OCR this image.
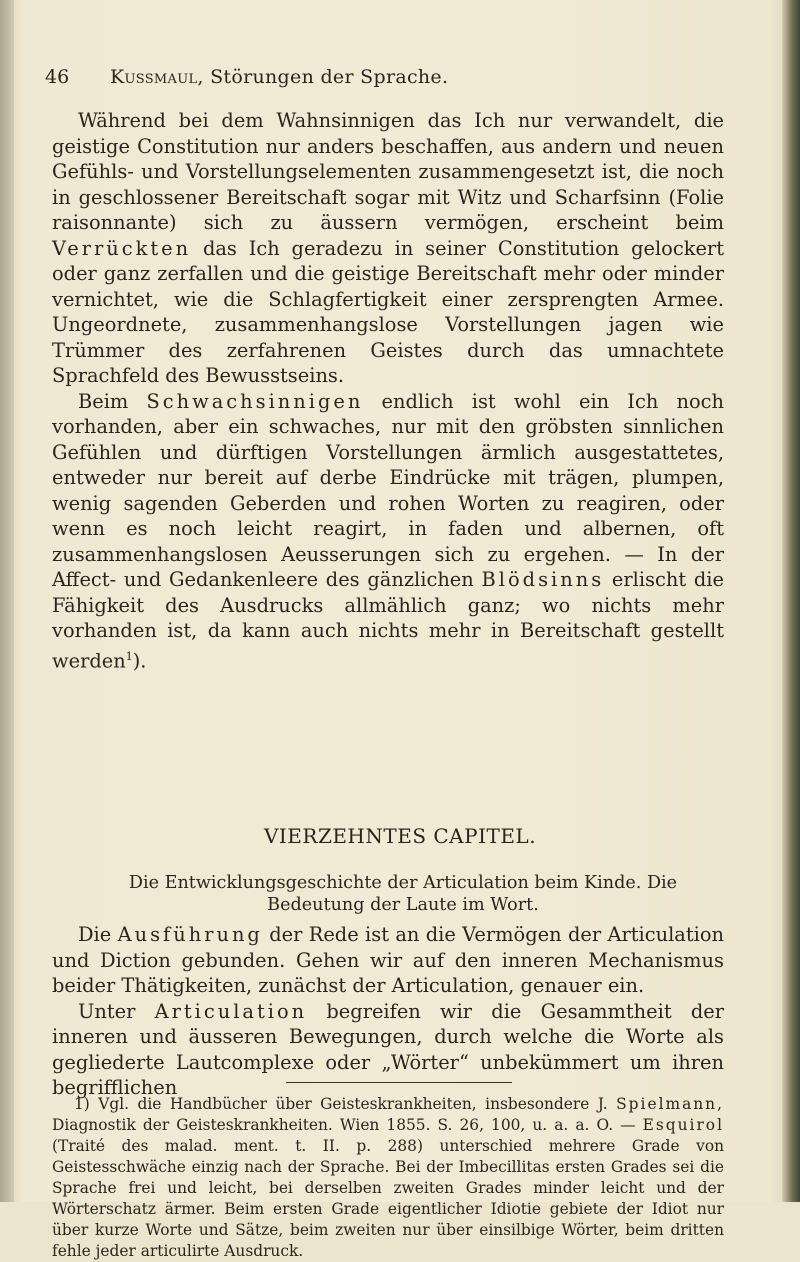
46 Kussmaul, Störungen der Sprache.

Während bei dem Wahnsinnigen das Ich nur verwandelt, die geistige Constitution nur anders beschaffen, aus andern und neuen Gefühls- und Vorstellungselementen zusammengesetzt ist, die noch in geschlossener Bereitschaft sogar mit Witz und Scharfsinn (Folie raisonnante) sich zu äussern vermögen, erscheint beim Verrückten das Ich geradezu in seiner Constitution gelockert oder ganz zerfallen und die geistige Bereitschaft mehr oder minder vernichtet, wie die Schlagfertigkeit einer zersprengten Armee. Ungeordnete, zusammenhangslose Vorstellungen jagen wie Trümmer des zerfahrenen Geistes durch das umnachtete Sprachfeld des Bewusstseins.

Beim Schwachsinnigen endlich ist wohl ein Ich noch vorhanden, aber ein schwaches, nur mit den gröbsten sinnlichen Gefühlen und dürftigen Vorstellungen ärmlich ausgestattetes, entweder nur bereit auf derbe Eindrücke mit trägen, plumpen, wenig sagenden Geberden und rohen Worten zu reagiren, oder wenn es noch leicht reagirt, in faden und albernen, oft zusammenhangslosen Aeusserungen sich zu ergehen. — In der Affect- und Gedankenleere des gänzlichen Blödsinns erlischt die Fähigkeit des Ausdrucks allmählich ganz; wo nichts mehr vorhanden ist, da kann auch nichts mehr in Bereitschaft gestellt werden$^1$).

VIERZEHNTES CAPITEL.
Die Entwicklungsgeschichte der Articulation beim Kinde. Die Bedeutung der Laute im Wort.

Die Ausführung der Rede ist an die Vermögen der Articulation und Diction gebunden. Gehen wir auf den inneren Mechanismus beider Thätigkeiten, zunächst der Articulation, genauer ein.

Unter Articulation begreifen wir die Gesammtheit der inneren und äusseren Bewegungen, durch welche die Worte als gegliederte Lautcomplexe oder „Wörter“ unbekümmert um ihren begrifflichen

1) Vgl. die Handbücher über Geisteskrankheiten, insbesondere J. Spielmann, Diagnostik der Geisteskrankheiten. Wien 1855. S. 26, 100, u. a. a. O. — Esquirol (Traité des malad. ment. t. II. p. 288) unterschied mehrere Grade von Geistesschwäche einzig nach der Sprache. Bei der Imbecillitas ersten Grades sei die Sprache frei und leicht, bei derselben zweiten Grades minder leicht und der Wörterschatz ärmer. Beim ersten Grade eigentlicher Idiotie gebiete der Idiot nur über kurze Worte und Sätze, beim zweiten nur über einsilbige Wörter, beim dritten fehle jeder articulirte Ausdruck.
